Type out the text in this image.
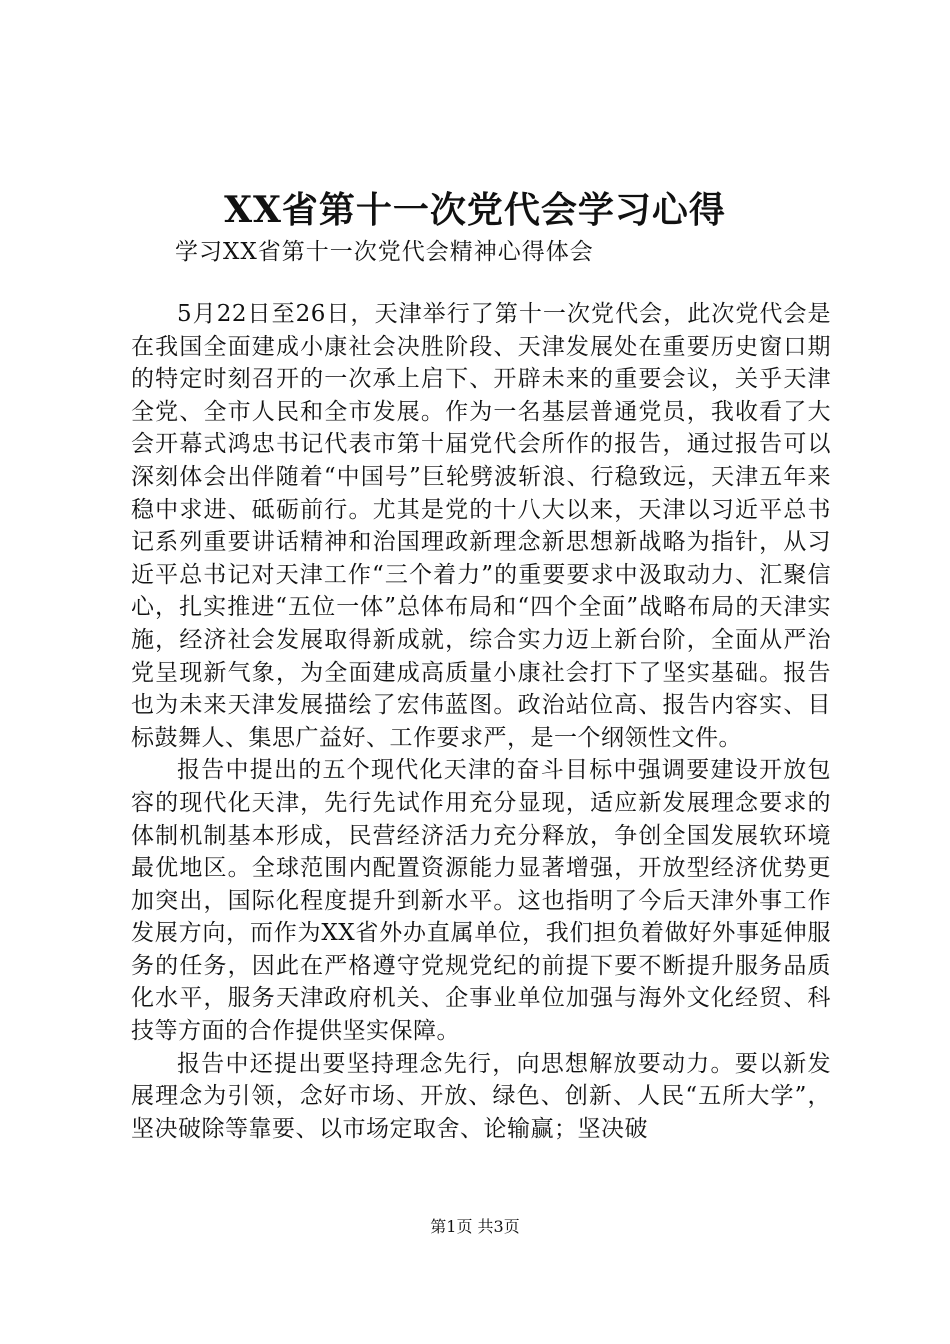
XX省第十一次党代会学习心得
学习XX省第十一次党代会精神心得体会

5月22日至26日，天津举行了第十一次党代会，此次党代会是在我国全面建成小康社会决胜阶段、天津发展处在重要历史窗口期的特定时刻召开的一次承上启下、开辟未来的重要会议，关乎天津全党、全市人民和全市发展。作为一名基层普通党员，我收看了大会开幕式鸿忠书记代表市第十届党代会所作的报告，通过报告可以深刻体会出伴随着“中国号”巨轮劈波斩浪、行稳致远，天津五年来稳中求进、砥砺前行。尤其是党的十八大以来，天津以习近平总书记系列重要讲话精神和治国理政新理念新思想新战略为指针，从习近平总书记对天津工作“三个着力”的重要要求中汲取动力、汇聚信心，扎实推进“五位一体”总体布局和“四个全面”战略布局的天津实施，经济社会发展取得新成就，综合实力迈上新台阶，全面从严治党呈现新气象，为全面建成高质量小康社会打下了坚实基础。报告也为未来天津发展描绘了宏伟蓝图。政治站位高、报告内容实、目标鼓舞人、集思广益好、工作要求严，是一个纲领性文件。

报告中提出的五个现代化天津的奋斗目标中强调要建设开放包容的现代化天津，先行先试作用充分显现，适应新发展理念要求的体制机制基本形成，民营经济活力充分释放，争创全国发展软环境最优地区。全球范围内配置资源能力显著增强，开放型经济优势更加突出，国际化程度提升到新水平。这也指明了今后天津外事工作发展方向，而作为XX省外办直属单位，我们担负着做好外事延伸服务的任务，因此在严格遵守党规党纪的前提下要不断提升服务品质化水平，服务天津政府机关、企事业单位加强与海外文化经贸、科技等方面的合作提供坚实保障。

报告中还提出要坚持理念先行，向思想解放要动力。要以新发展理念为引领，念好市场、开放、绿色、创新、人民“五所大学”，坚决破除等靠要、以市场定取舍、论输赢；坚决破

第1页 共3页
